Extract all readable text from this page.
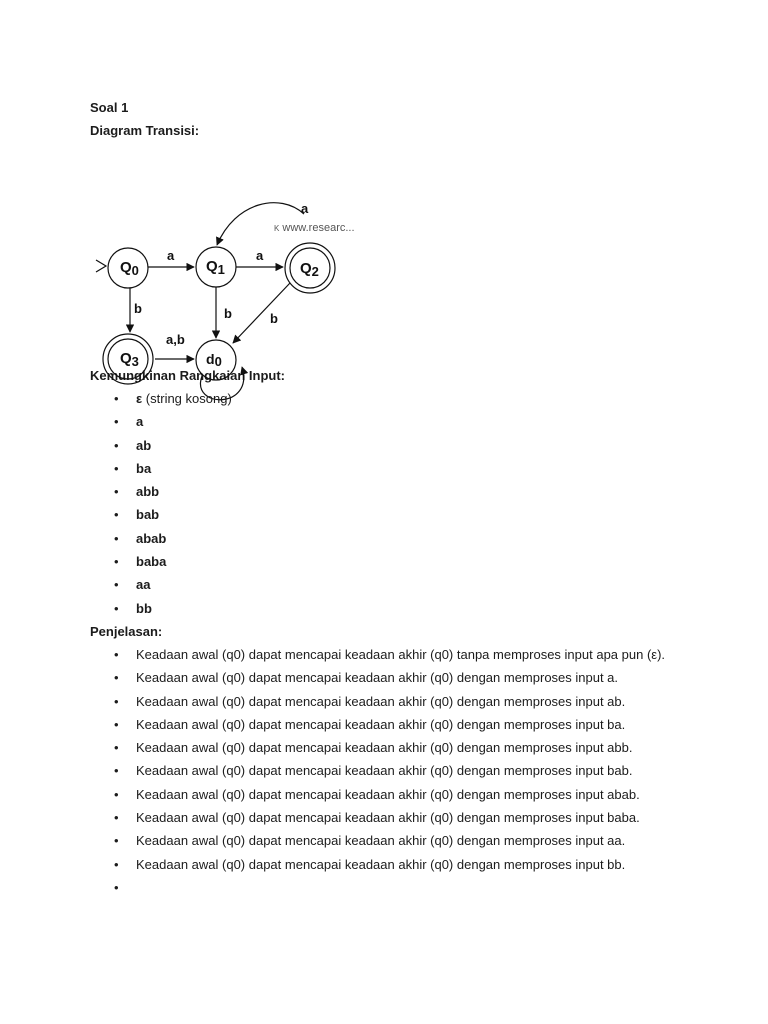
Soal 1
Diagram Transisi:
Q0	Q1	Q2
Q3	d0
a	a
a
b	b	b
a,b
K www.researc...
Kemungkinan Rangkaian Input:
• ε (string kosong)
• a
• ab
• ba
• abb
• bab
• abab
• baba
• aa
• bb
Penjelasan:
• Keadaan awal (q0) dapat mencapai keadaan akhir (q0) tanpa memproses input apa pun (ε).
• Keadaan awal (q0) dapat mencapai keadaan akhir (q0) dengan memproses input a.
• Keadaan awal (q0) dapat mencapai keadaan akhir (q0) dengan memproses input ab.
• Keadaan awal (q0) dapat mencapai keadaan akhir (q0) dengan memproses input ba.
• Keadaan awal (q0) dapat mencapai keadaan akhir (q0) dengan memproses input abb.
• Keadaan awal (q0) dapat mencapai keadaan akhir (q0) dengan memproses input bab.
• Keadaan awal (q0) dapat mencapai keadaan akhir (q0) dengan memproses input abab.
• Keadaan awal (q0) dapat mencapai keadaan akhir (q0) dengan memproses input baba.
• Keadaan awal (q0) dapat mencapai keadaan akhir (q0) dengan memproses input aa.
• Keadaan awal (q0) dapat mencapai keadaan akhir (q0) dengan memproses input bb.
•
